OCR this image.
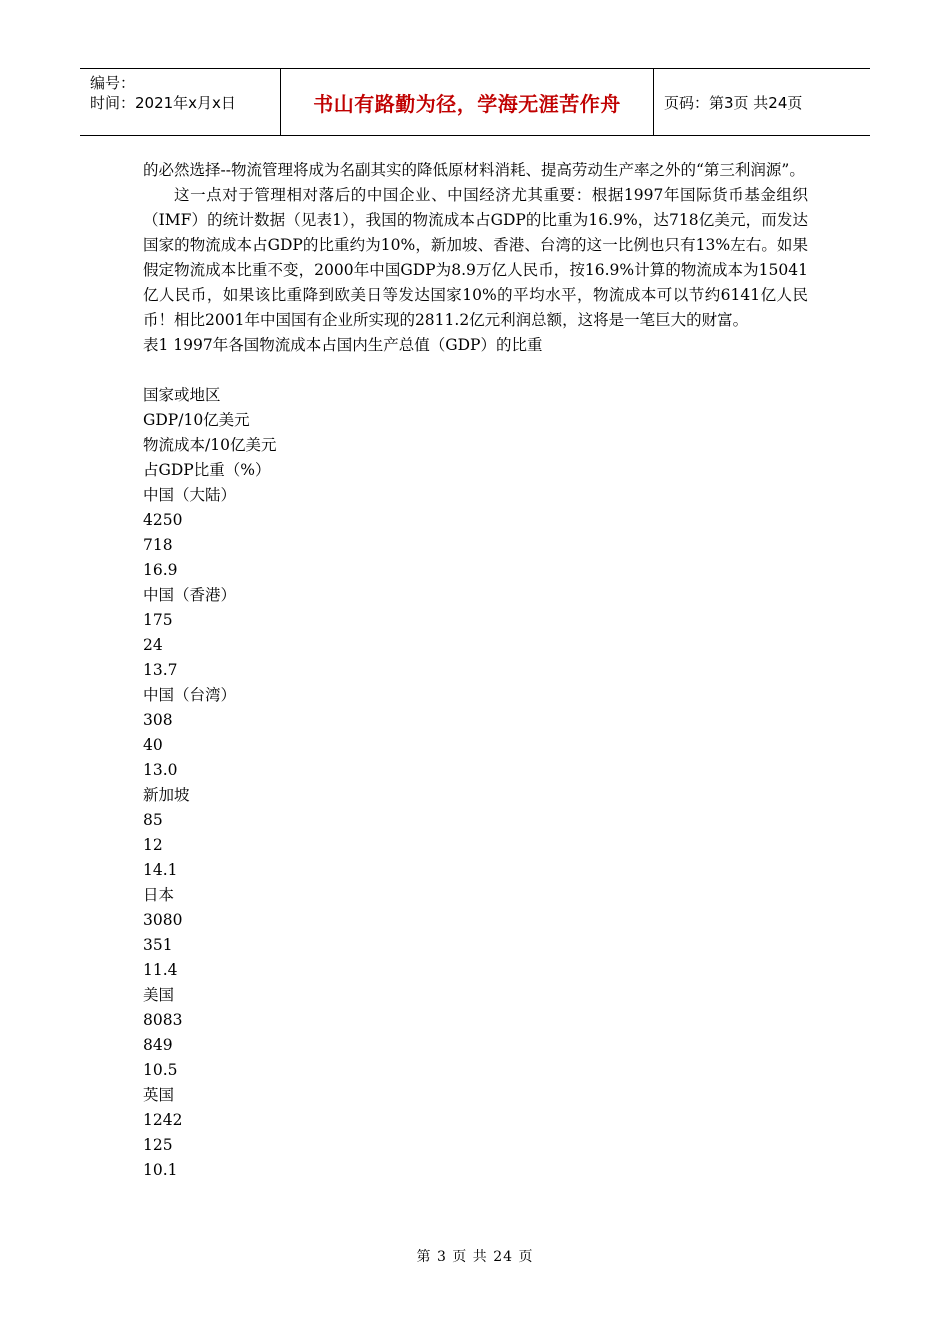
编号：
时间：2021年x月x日	书山有路勤为径，学海无涯苦作舟	页码：第3页 共24页

的必然选择--物流管理将成为名副其实的降低原材料消耗、提高劳动生产率之外的“第三利润源”。

这一点对于管理相对落后的中国企业、中国经济尤其重要：根据1997年国际货币基金组织（IMF）的统计数据（见表1），我国的物流成本占GDP的比重为16.9%，达718亿美元，而发达国家的物流成本占GDP的比重约为10%，新加坡、香港、台湾的这一比例也只有13%左右。如果假定物流成本比重不变，2000年中国GDP为8.9万亿人民币，按16.9%计算的物流成本为15041亿人民币，如果该比重降到欧美日等发达国家10%的平均水平，物流成本可以节约6141亿人民币！相比2001年中国国有企业所实现的2811.2亿元利润总额，这将是一笔巨大的财富。

表1 1997年各国物流成本占国内生产总值（GDP）的比重

国家或地区
GDP/10亿美元
物流成本/10亿美元
占GDP比重（%）
中国（大陆）
4250
718
16.9
中国（香港）
175
24
13.7
中国（台湾）
308
40
13.0
新加坡
85
12
14.1
日本
3080
351
11.4
美国
8083
849
10.5
英国
1242
125
10.1
第 3 页 共 24 页
